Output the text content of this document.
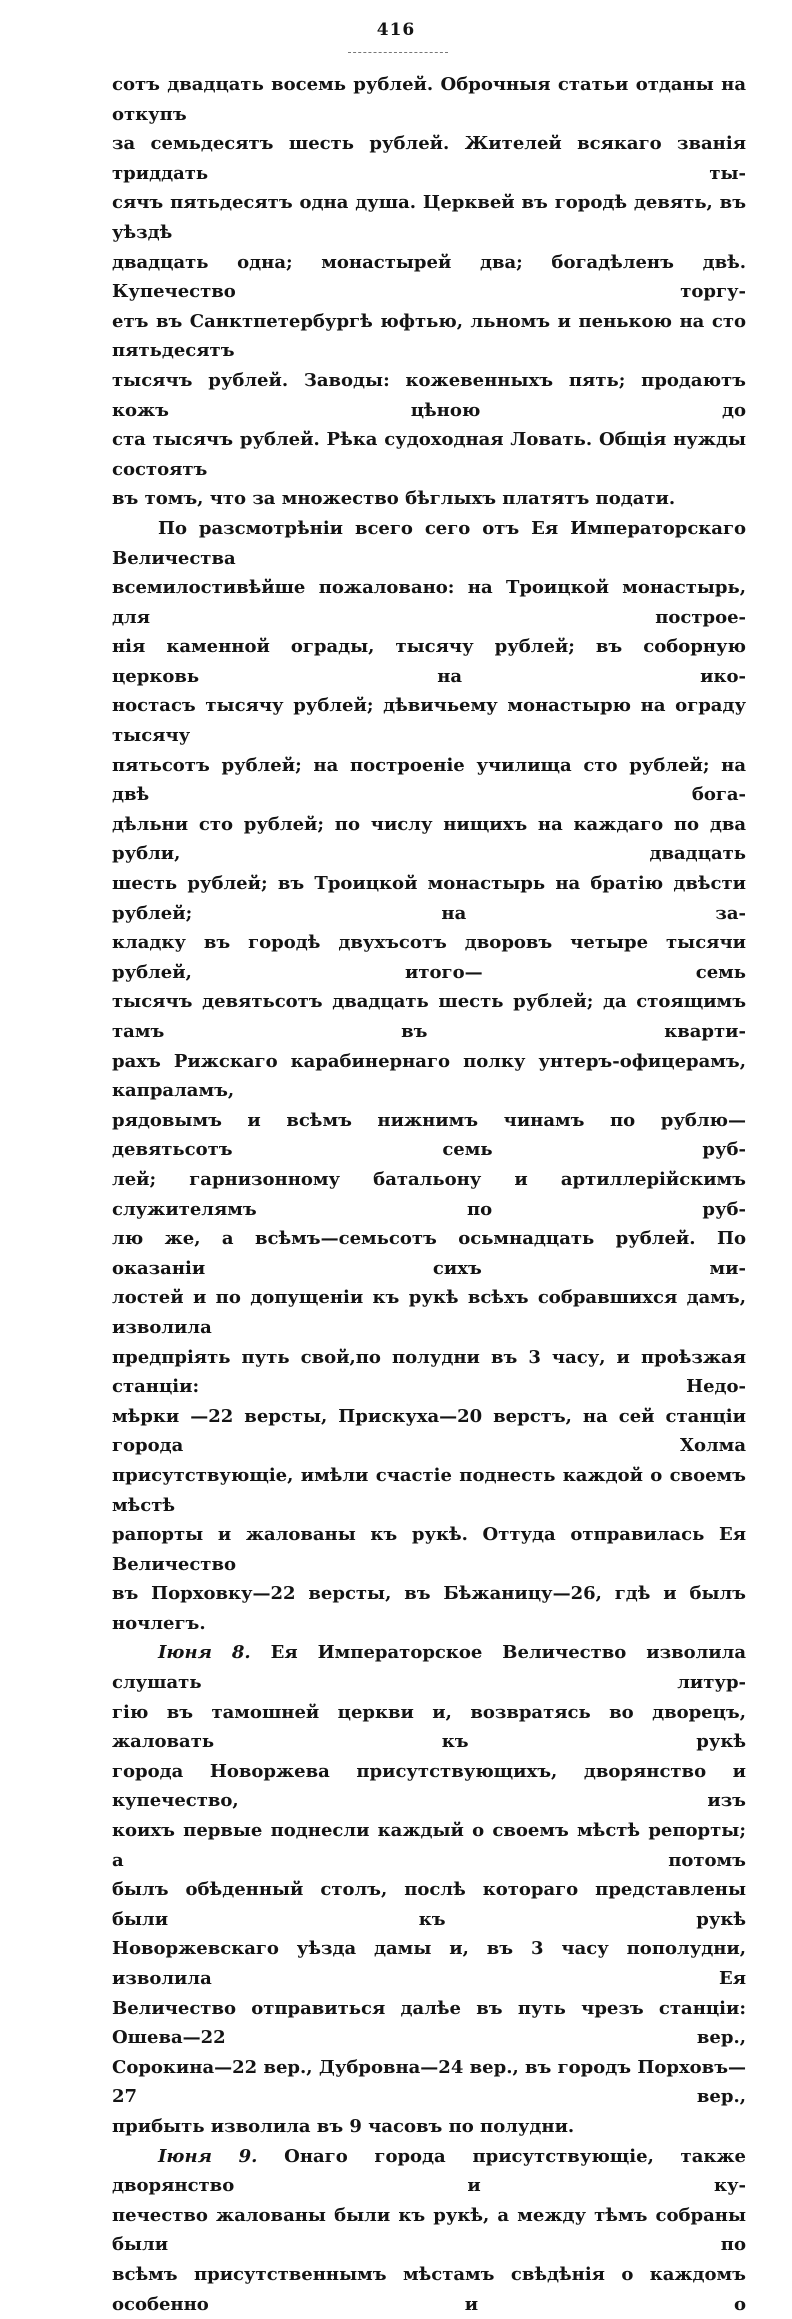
416

сотъ двадцать восемь рублей. Оброчныя статьи отданы на откупъ

за семьдесятъ шесть рублей. Жителей всякаго званія триддать ты-

сячъ пятьдесятъ одна душа. Церквей въ городѣ девять, въ уѣздѣ

двадцать одна; монастырей два; богадѣленъ двѣ. Купечество торгу-

етъ въ Санктпетербургѣ юфтью, льномъ и пенькою на сто пятьдесятъ

тысячъ рублей. Заводы: кожевенныхъ пять; продаютъ кожъ цѣною до

ста тысячъ рублей. Рѣка судоходная Ловать. Общія нужды состоятъ

въ томъ, что за множество бѣглыхъ платятъ подати.

По разсмотрѣніи всего сего отъ Ея Императорскаго Величества

всемилостивѣйше пожаловано: на Троицкой монастырь, для построе-

нія каменной ограды, тысячу рублей; въ соборную церковь на ико-

ностасъ тысячу рублей; дѣвичьему монастырю на ограду тысячу

пятьсотъ рублей; на построеніе училища сто рублей; на двѣ бога-

дѣльни сто рублей; по числу нищихъ на каждаго по два рубли, двадцать

шесть рублей; въ Троицкой монастырь на братію двѣсти рублей; на за-

кладку въ городѣ двухъсотъ дворовъ четыре тысячи рублей, итого— семь

тысячъ девятьсотъ двадцать шесть рублей; да стоящимъ тамъ въ кварти-

рахъ Рижскаго карабинернаго полку унтеръ-офицерамъ, капраламъ,

рядовымъ и всѣмъ нижнимъ чинамъ по рублю—девятьсотъ семь руб-

лей; гарнизонному батальону и артиллерійскимъ служителямъ по руб-

лю же, а всѣмъ—семьсотъ осьмнадцать рублей. По оказаніи сихъ ми-

лостей и по допущеніи къ рукѣ всѣхъ собравшихся дамъ, изволила

предпріять путь свой,по полудни въ 3 часу, и проѣзжая станціи: Недо-

мѣрки —22 версты, Прискуха—20 верстъ, на сей станціи города Холма

присутствующіе, имѣли счастіе поднесть каждой о своемъ мѣстѣ

рапорты и жалованы къ рукѣ. Оттуда отправилась Ея Величество

въ Порховку—22 версты, въ Бѣжаницу—26, гдѣ и былъ ночлегъ.

Іюня 8. Ея Императорское Величество изволила слушать литур-

гію въ тамошней церкви и, возвратясь во дворецъ, жаловать къ рукѣ

города Новоржева присутствующихъ, дворянство и купечество, изъ

коихъ первые поднесли каждый о своемъ мѣстѣ репорты; а потомъ

былъ обѣденный столъ, послѣ котораго представлены были къ рукѣ

Новоржевскаго уѣзда дамы и, въ 3 часу пополудни, изволила Ея

Величество отправиться далѣе въ путь чрезъ станціи: Ошева—22 вер.,

Сорокина—22 вер., Дубровна—24 вер., въ городъ Порховъ—27 вер.,

прибыть изволила въ 9 часовъ по полудни.

Іюня 9. Онаго города присутствующіе, также дворянство и ку-

печество жалованы были къ рукѣ, а между тѣмъ собраны были по

всѣмъ присутственнымъ мѣстамъ свѣдѣнія о каждомъ особенно и о
